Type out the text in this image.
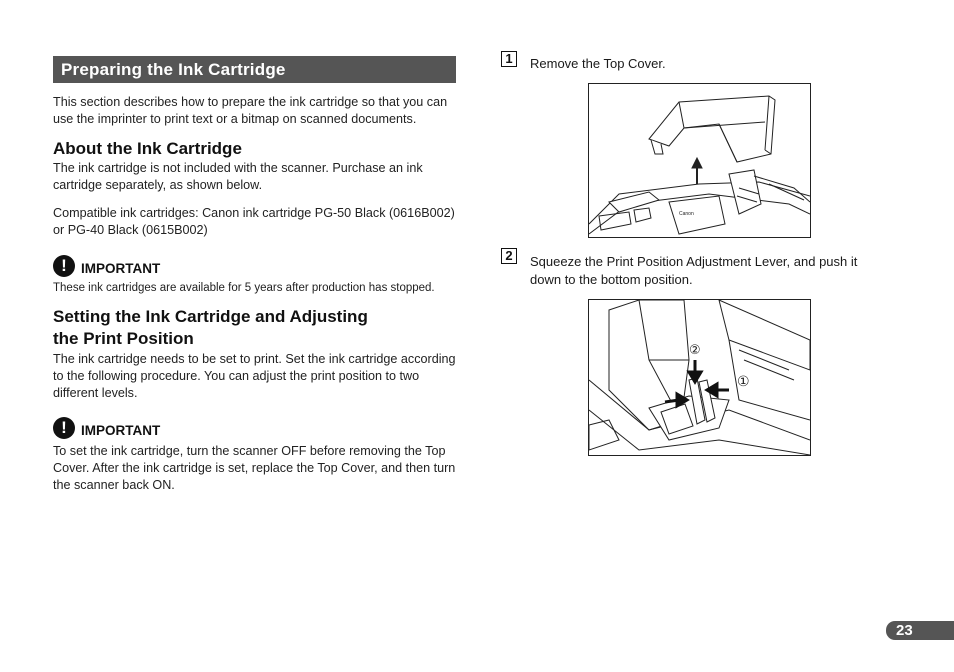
Preparing the Ink Cartridge
This section describes how to prepare the ink cartridge so that you can use the imprinter to print text or a bitmap on scanned documents.
About the Ink Cartridge
The ink cartridge is not included with the scanner. Purchase an ink cartridge separately, as shown below.
Compatible ink cartridges: Canon ink cartridge PG-50 Black (0616B002) or PG-40 Black (0615B002)
!	IMPORTANT
These ink cartridges are available for 5 years after production has stopped.
Setting the Ink Cartridge and Adjusting
the Print Position
The ink cartridge needs to be set to print. Set the ink cartridge according to the following procedure. You can adjust the print position to two different levels.
!	IMPORTANT
To set the ink cartridge, turn the scanner OFF before removing the Top Cover. After the ink cartridge is set, replace the Top Cover, and then turn the scanner back ON.
1	Remove the Top Cover.
Canon
2	Squeeze the Print Position Adjustment Lever, and push it down to the bottom position.
②
①
23
